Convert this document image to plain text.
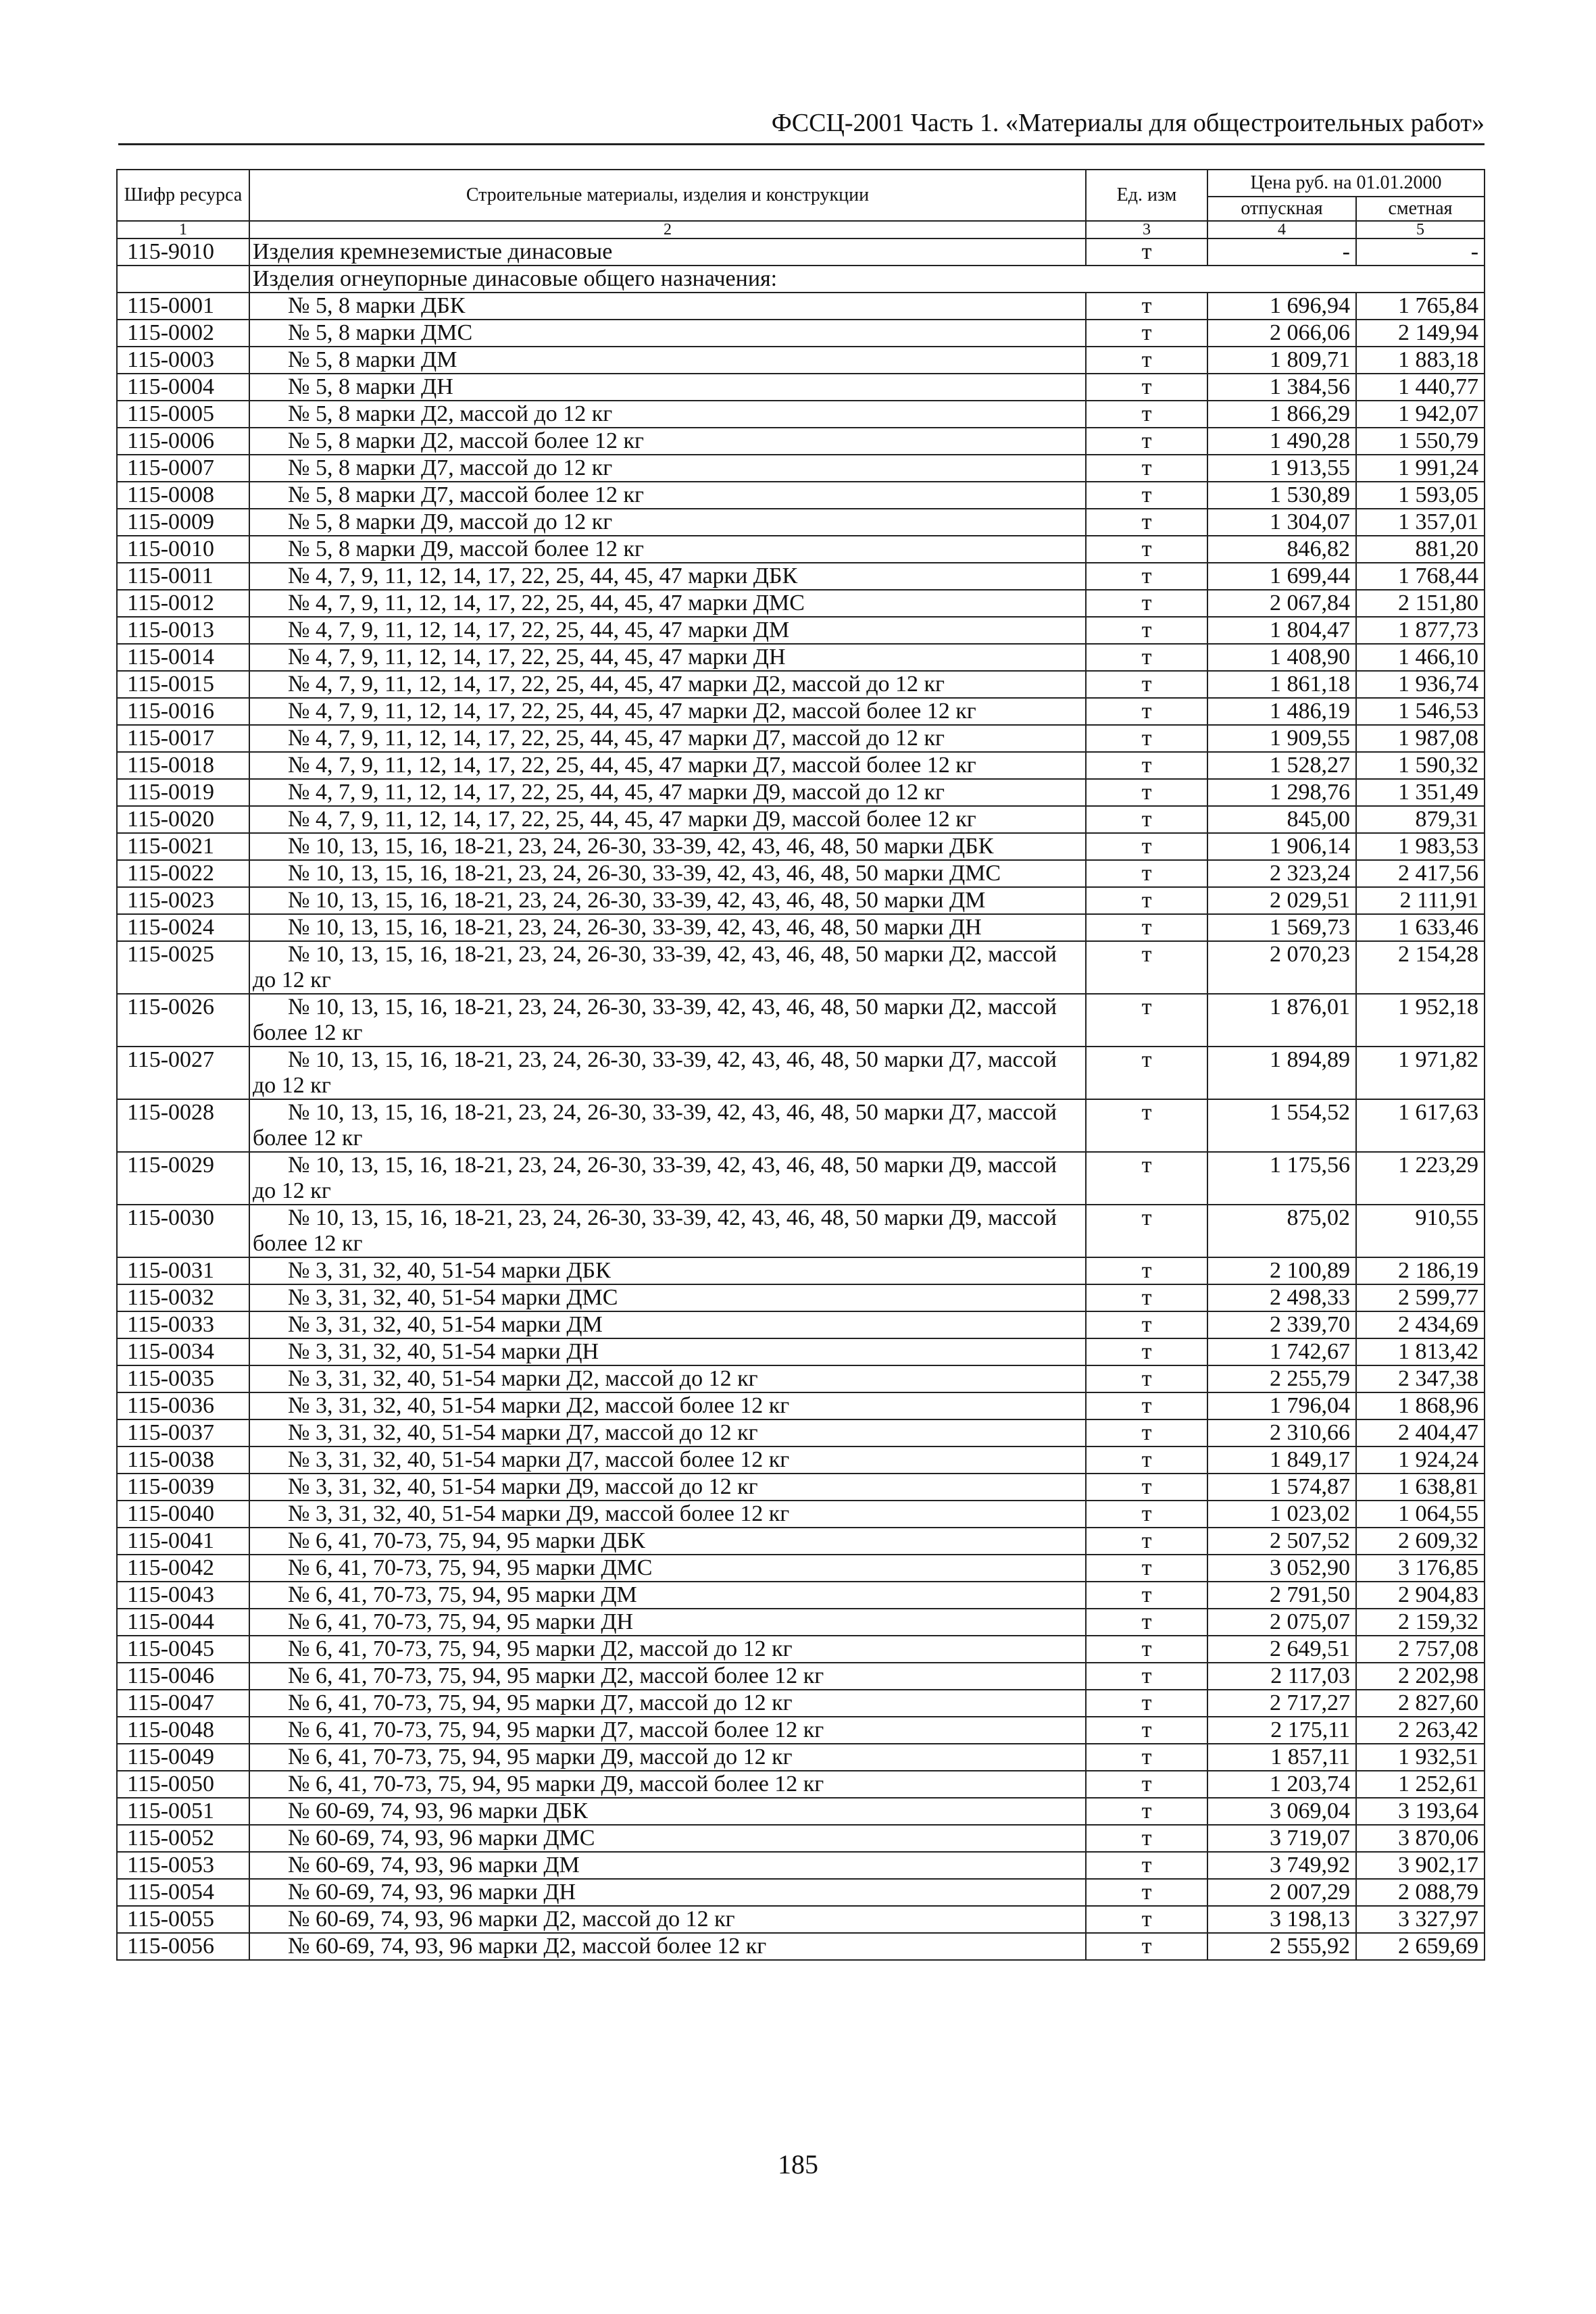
ФССЦ-2001 Часть 1. «Материалы для общестроительных работ»
Шифр ресурса	Строительные материалы, изделия и конструкции	Ед. изм	Цена руб. на 01.01.2000	
			отпускная	сметная
1	2	3	4	5
115-9010	Изделия кремнеземистые динасовые	т	-	-
	Изделия огнеупорные динасовые общего назначения:			
115-0001	№ 5, 8 марки ДБК	т	1 696,94	1 765,84
115-0002	№ 5, 8 марки ДМС	т	2 066,06	2 149,94
115-0003	№ 5, 8 марки ДМ	т	1 809,71	1 883,18
115-0004	№ 5, 8 марки ДН	т	1 384,56	1 440,77
115-0005	№ 5, 8 марки Д2, массой до 12 кг	т	1 866,29	1 942,07
115-0006	№ 5, 8 марки Д2, массой более 12 кг	т	1 490,28	1 550,79
115-0007	№ 5, 8 марки Д7, массой до 12 кг	т	1 913,55	1 991,24
115-0008	№ 5, 8 марки Д7, массой более 12 кг	т	1 530,89	1 593,05
115-0009	№ 5, 8 марки Д9, массой до 12 кг	т	1 304,07	1 357,01
115-0010	№ 5, 8 марки Д9, массой более 12 кг	т	846,82	881,20
115-0011	№ 4, 7, 9, 11, 12, 14, 17, 22, 25, 44, 45, 47 марки ДБК	т	1 699,44	1 768,44
115-0012	№ 4, 7, 9, 11, 12, 14, 17, 22, 25, 44, 45, 47 марки ДМС	т	2 067,84	2 151,80
115-0013	№ 4, 7, 9, 11, 12, 14, 17, 22, 25, 44, 45, 47 марки ДМ	т	1 804,47	1 877,73
115-0014	№ 4, 7, 9, 11, 12, 14, 17, 22, 25, 44, 45, 47 марки ДН	т	1 408,90	1 466,10
115-0015	№ 4, 7, 9, 11, 12, 14, 17, 22, 25, 44, 45, 47 марки Д2, массой до 12 кг	т	1 861,18	1 936,74
115-0016	№ 4, 7, 9, 11, 12, 14, 17, 22, 25, 44, 45, 47 марки Д2, массой более 12 кг	т	1 486,19	1 546,53
115-0017	№ 4, 7, 9, 11, 12, 14, 17, 22, 25, 44, 45, 47 марки Д7, массой до 12 кг	т	1 909,55	1 987,08
115-0018	№ 4, 7, 9, 11, 12, 14, 17, 22, 25, 44, 45, 47 марки Д7, массой более 12 кг	т	1 528,27	1 590,32
115-0019	№ 4, 7, 9, 11, 12, 14, 17, 22, 25, 44, 45, 47 марки Д9, массой до 12 кг	т	1 298,76	1 351,49
115-0020	№ 4, 7, 9, 11, 12, 14, 17, 22, 25, 44, 45, 47 марки Д9, массой более 12 кг	т	845,00	879,31
115-0021	№ 10, 13, 15, 16, 18-21, 23, 24, 26-30, 33-39, 42, 43, 46, 48, 50 марки ДБК	т	1 906,14	1 983,53
115-0022	№ 10, 13, 15, 16, 18-21, 23, 24, 26-30, 33-39, 42, 43, 46, 48, 50 марки ДМС	т	2 323,24	2 417,56
115-0023	№ 10, 13, 15, 16, 18-21, 23, 24, 26-30, 33-39, 42, 43, 46, 48, 50 марки ДМ	т	2 029,51	2 111,91
115-0024	№ 10, 13, 15, 16, 18-21, 23, 24, 26-30, 33-39, 42, 43, 46, 48, 50 марки ДН	т	1 569,73	1 633,46
115-0025	№ 10, 13, 15, 16, 18-21, 23, 24, 26-30, 33-39, 42, 43, 46, 48, 50 марки Д2, массой до 12 кг	т	2 070,23	2 154,28
115-0026	№ 10, 13, 15, 16, 18-21, 23, 24, 26-30, 33-39, 42, 43, 46, 48, 50 марки Д2, массой более 12 кг	т	1 876,01	1 952,18
115-0027	№ 10, 13, 15, 16, 18-21, 23, 24, 26-30, 33-39, 42, 43, 46, 48, 50 марки Д7, массой до 12 кг	т	1 894,89	1 971,82
115-0028	№ 10, 13, 15, 16, 18-21, 23, 24, 26-30, 33-39, 42, 43, 46, 48, 50 марки Д7, массой более 12 кг	т	1 554,52	1 617,63
115-0029	№ 10, 13, 15, 16, 18-21, 23, 24, 26-30, 33-39, 42, 43, 46, 48, 50 марки Д9, массой до 12 кг	т	1 175,56	1 223,29
115-0030	№ 10, 13, 15, 16, 18-21, 23, 24, 26-30, 33-39, 42, 43, 46, 48, 50 марки Д9, массой более 12 кг	т	875,02	910,55
115-0031	№ 3, 31, 32, 40, 51-54 марки ДБК	т	2 100,89	2 186,19
115-0032	№ 3, 31, 32, 40, 51-54 марки ДМС	т	2 498,33	2 599,77
115-0033	№ 3, 31, 32, 40, 51-54 марки ДМ	т	2 339,70	2 434,69
115-0034	№ 3, 31, 32, 40, 51-54 марки ДН	т	1 742,67	1 813,42
115-0035	№ 3, 31, 32, 40, 51-54 марки Д2, массой до 12 кг	т	2 255,79	2 347,38
115-0036	№ 3, 31, 32, 40, 51-54 марки Д2, массой более 12 кг	т	1 796,04	1 868,96
115-0037	№ 3, 31, 32, 40, 51-54 марки Д7, массой до 12 кг	т	2 310,66	2 404,47
115-0038	№ 3, 31, 32, 40, 51-54 марки Д7, массой более 12 кг	т	1 849,17	1 924,24
115-0039	№ 3, 31, 32, 40, 51-54 марки Д9, массой до 12 кг	т	1 574,87	1 638,81
115-0040	№ 3, 31, 32, 40, 51-54 марки Д9, массой более 12 кг	т	1 023,02	1 064,55
115-0041	№ 6, 41, 70-73, 75, 94, 95 марки ДБК	т	2 507,52	2 609,32
115-0042	№ 6, 41, 70-73, 75, 94, 95 марки ДМС	т	3 052,90	3 176,85
115-0043	№ 6, 41, 70-73, 75, 94, 95 марки ДМ	т	2 791,50	2 904,83
115-0044	№ 6, 41, 70-73, 75, 94, 95 марки ДН	т	2 075,07	2 159,32
115-0045	№ 6, 41, 70-73, 75, 94, 95 марки Д2, массой до 12 кг	т	2 649,51	2 757,08
115-0046	№ 6, 41, 70-73, 75, 94, 95 марки Д2, массой более 12 кг	т	2 117,03	2 202,98
115-0047	№ 6, 41, 70-73, 75, 94, 95 марки Д7, массой до 12 кг	т	2 717,27	2 827,60
115-0048	№ 6, 41, 70-73, 75, 94, 95 марки Д7, массой более 12 кг	т	2 175,11	2 263,42
115-0049	№ 6, 41, 70-73, 75, 94, 95 марки Д9, массой до 12 кг	т	1 857,11	1 932,51
115-0050	№ 6, 41, 70-73, 75, 94, 95 марки Д9, массой более 12 кг	т	1 203,74	1 252,61
115-0051	№ 60-69, 74, 93, 96 марки ДБК	т	3 069,04	3 193,64
115-0052	№ 60-69, 74, 93, 96 марки ДМС	т	3 719,07	3 870,06
115-0053	№ 60-69, 74, 93, 96 марки ДМ	т	3 749,92	3 902,17
115-0054	№ 60-69, 74, 93, 96 марки ДН	т	2 007,29	2 088,79
115-0055	№ 60-69, 74, 93, 96 марки Д2, массой до 12 кг	т	3 198,13	3 327,97
115-0056	№ 60-69, 74, 93, 96 марки Д2, массой более 12 кг	т	2 555,92	2 659,69
185
